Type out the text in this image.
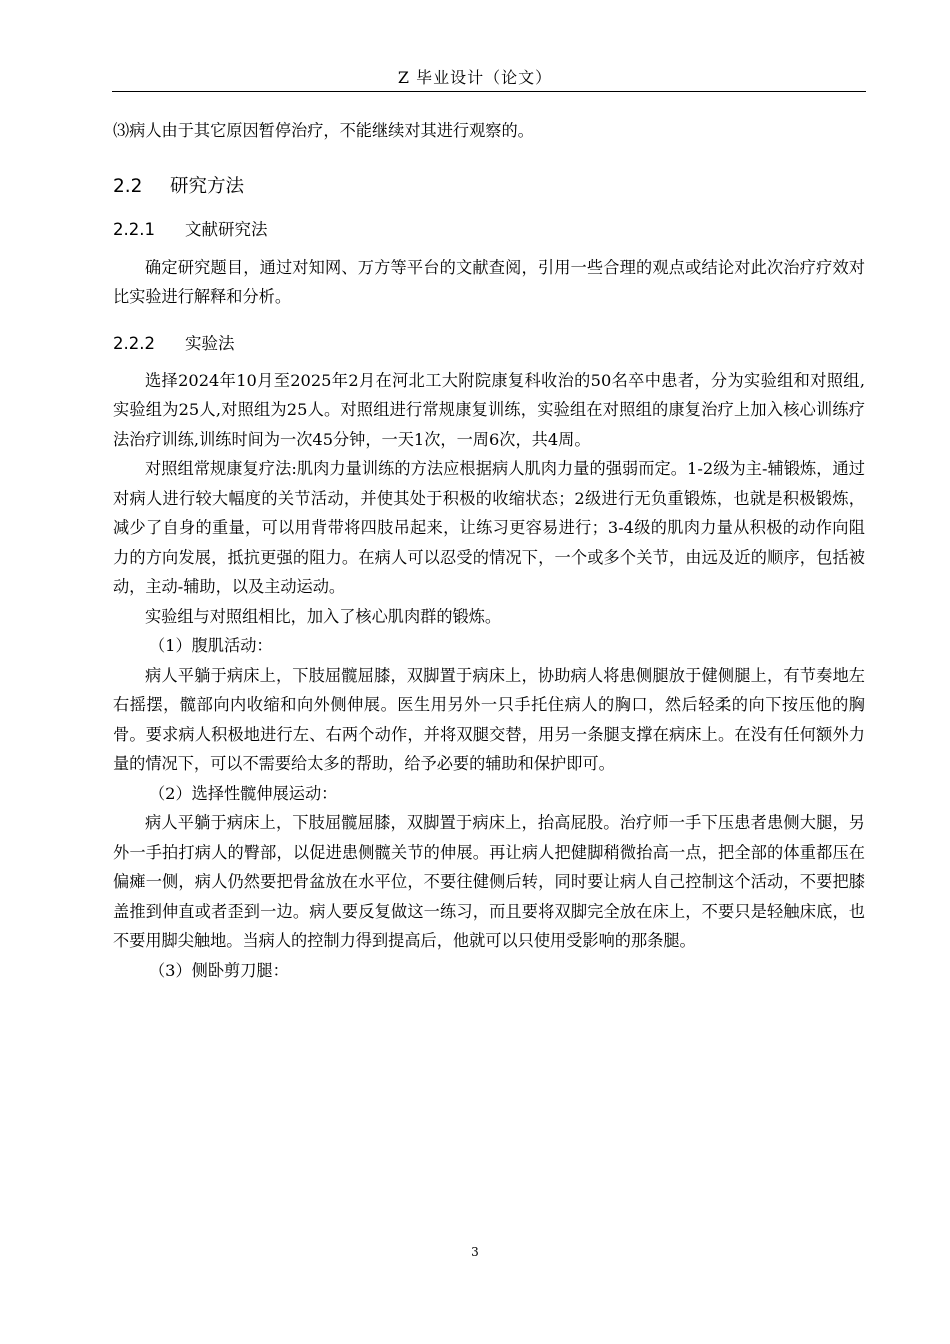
Z 毕业设计（论文）

⑶病人由于其它原因暂停治疗，不能继续对其进行观察的。

2.2	研究方法
2.2.1	文献研究法

确定研究题目，通过对知网、万方等平台的文献查阅，引用一些合理的观点或结论对此次治疗疗效对比实验进行解释和分析。

2.2.2	实验法

选择2024年10月至2025年2月在河北工大附院康复科收治的50名卒中患者，分为实验组和对照组,实验组为25人,对照组为25人。对照组进行常规康复训练，实验组在对照组的康复治疗上加入核心训练疗法治疗训练,训练时间为一次45分钟，一天1次，一周6次，共4周。

对照组常规康复疗法:肌肉力量训练的方法应根据病人肌肉力量的强弱而定。1-2级为主-辅锻炼，通过对病人进行较大幅度的关节活动，并使其处于积极的收缩状态；2级进行无负重锻炼，也就是积极锻炼，减少了自身的重量，可以用背带将四肢吊起来，让练习更容易进行；3-4级的肌肉力量从积极的动作向阻力的方向发展，抵抗更强的阻力。在病人可以忍受的情况下，一个或多个关节，由远及近的顺序，包括被动，主动-辅助，以及主动运动。

实验组与对照组相比，加入了核心肌肉群的锻炼。

（1）腹肌活动：

病人平躺于病床上，下肢屈髋屈膝，双脚置于病床上，协助病人将患侧腿放于健侧腿上，有节奏地左右摇摆，髋部向内收缩和向外侧伸展。医生用另外一只手托住病人的胸口，然后轻柔的向下按压他的胸骨。要求病人积极地进行左、右两个动作，并将双腿交替，用另一条腿支撑在病床上。在没有任何额外力量的情况下，可以不需要给太多的帮助，给予必要的辅助和保护即可。

（2）选择性髋伸展运动：

病人平躺于病床上，下肢屈髋屈膝，双脚置于病床上，抬高屁股。治疗师一手下压患者患侧大腿，另外一手拍打病人的臀部，以促进患侧髋关节的伸展。再让病人把健脚稍微抬高一点，把全部的体重都压在偏瘫一侧，病人仍然要把骨盆放在水平位，不要往健侧后转，同时要让病人自己控制这个活动，不要把膝盖推到伸直或者歪到一边。病人要反复做这一练习，而且要将双脚完全放在床上，不要只是轻触床底，也不要用脚尖触地。当病人的控制力得到提高后，他就可以只使用受影响的那条腿。

（3）侧卧剪刀腿：

3
